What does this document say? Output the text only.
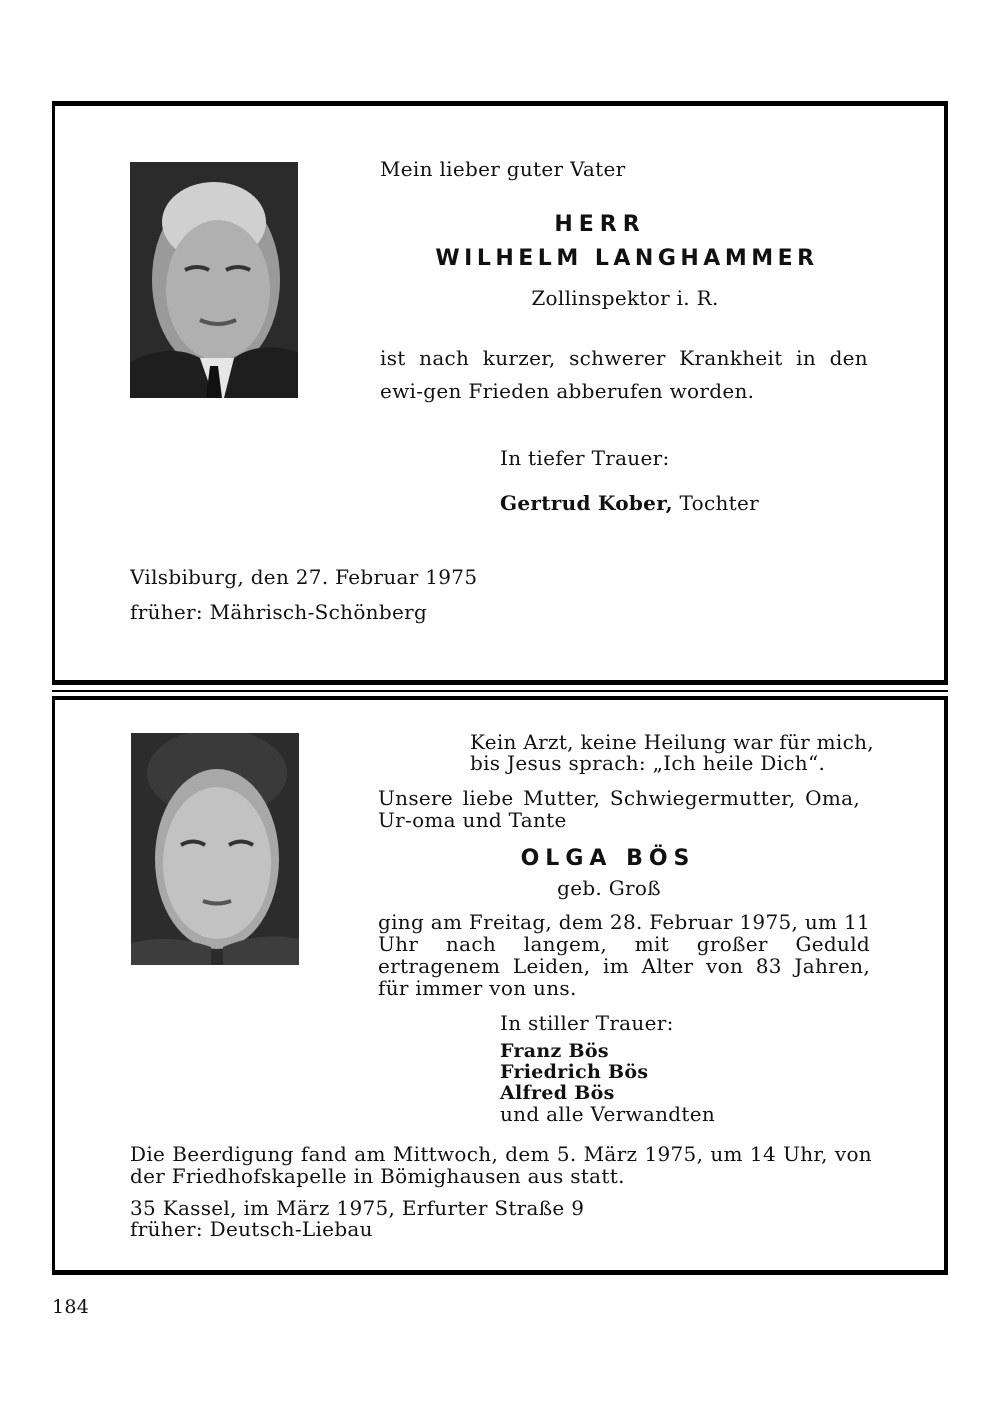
Mein lieber guter Vater
HERR
WILHELM LANGHAMMER
Zollinspektor i. R.
ist nach kurzer, schwerer Krankheit in den ewi-gen Frieden abberufen worden.
In tiefer Trauer:
Gertrud Kober, Tochter
Vilsbiburg, den 27. Februar 1975
früher: Mährisch-Schönberg
Kein Arzt, keine Heilung war für mich,
bis Jesus sprach: „Ich heile Dich“.
Unsere liebe Mutter, Schwiegermutter, Oma, Ur-oma und Tante
OLGA BÖS
geb. Groß
ging am Freitag, dem 28. Februar 1975, um 11 Uhr nach langem, mit großer Geduld ertragenem Leiden, im Alter von 83 Jahren, für immer von uns.
In stiller Trauer:
Franz Bös
Friedrich Bös
Alfred Bös
und alle Verwandten
Die Beerdigung fand am Mittwoch, dem 5. März 1975, um 14 Uhr, von der Friedhofskapelle in Bömighausen aus statt.
35 Kassel, im März 1975, Erfurter Straße 9
früher: Deutsch-Liebau
184
